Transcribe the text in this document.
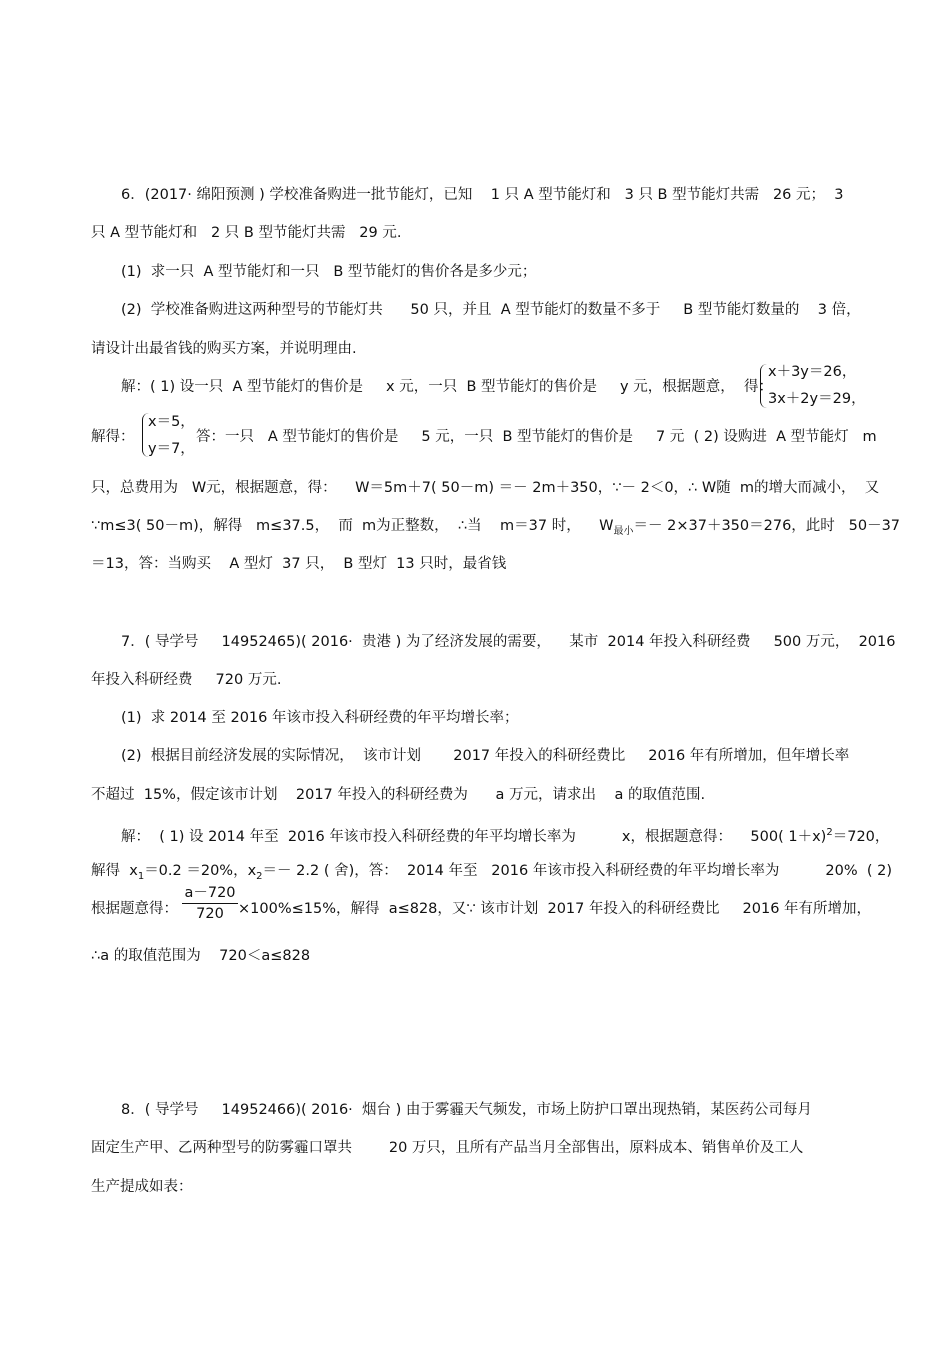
6．(2017· 绵阳预测 ) 学校准备购进一批节能灯，已知    1 只 A 型节能灯和   3 只 B 型节能灯共需   26 元；  3
只 A 型节能灯和   2 只 B 型节能灯共需   29 元.
(1)  求一只  A 型节能灯和一只   B 型节能灯的售价各是多少元；
(2)  学校准备购进这两种型号的节能灯共      50 只，并且  A 型节能灯的数量不多于     B 型节能灯数量的    3 倍，
请设计出最省钱的购买方案，并说明理由.
解：( 1) 设一只  A 型节能灯的售价是     x 元，一只  B 型节能灯的售价是     y 元，根据题意，  得：
x＋3y＝26，
3x＋2y＝29，
解得：
x＝5，
y＝7，
答：一只   A 型节能灯的售价是     5 元，一只  B 型节能灯的售价是     7 元  ( 2) 设购进  A 型节能灯   m
只，总费用为   W元，根据题意，得：    W＝5m＋7( 50－m) ＝－ 2m＋350，∵－ 2＜0，∴ W随  m的增大而减小，  又
∵m≤3( 50－m)，解得   m≤37.5，  而  m为正整数，  ∴当    m＝37 时，    $W_{最小}=- 2\times 37+350=276$，此时   50－37
＝13，答：当购买    A 型灯  37 只，  B 型灯  13 只时，最省钱
7．( 导学号     14952465)( 2016·  贵港 ) 为了经济发展的需要，    某市  2014 年投入科研经费     500 万元，  2016
年投入科研经费     720 万元.
(1)  求 2014 至 2016 年该市投入科研经费的年平均增长率；
(2)  根据目前经济发展的实际情况，  该市计划       2017 年投入的科研经费比     2016 年有所增加，但年增长率
不超过  15%，假定该市计划    2017 年投入的科研经费为      a 万元，请求出    a 的取值范围.
解：  ( 1) 设 2014 年至  2016 年该市投入科研经费的年平均增长率为          x，根据题意得：    500( 1＋x)$^2$＝720，
解得  $x_1=0.2 =20\%$，$x_2=- 2.2$ ( 舍)，答：  2014 年至   2016 年该市投入科研经费的年平均增长率为          20%  ( 2)
根据题意得：
a－720
720 ×100%≤15%，解得  a≤828，又∵ 该市计划  2017 年投入的科研经费比     2016 年有所增加，
∴a 的取值范围为    720＜a≤828
8．( 导学号     14952466)( 2016·  烟台 ) 由于雾霾天气频发，市场上防护口罩出现热销，某医药公司每月
固定生产甲、乙两种型号的防雾霾口罩共        20 万只，且所有产品当月全部售出，原料成本、销售单价及工人
生产提成如表：
